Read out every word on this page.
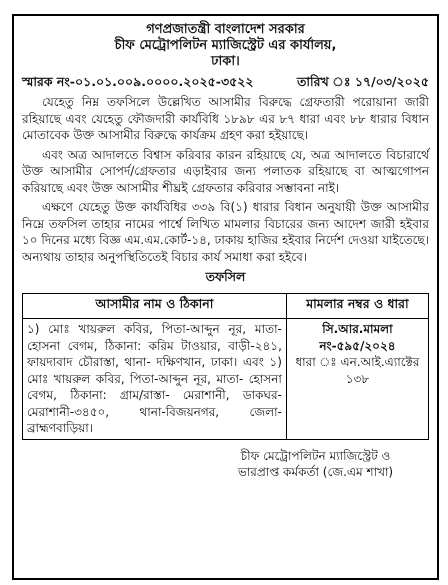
গণপ্রজাতন্ত্রী বাংলাদেশ সরকার
চীফ মেট্রোপলিটন ম্যাজিস্ট্রেট এর কার্যালয়,
ঢাকা।
স্মারক নং-০১.০১.০০৯.০০০০.২০২৫-৩৫২২	তারিখ ঃ ১৭/০৩/২০২৫

যেহেতু নিম্ন তফসিলে উল্লেখিত আসামীর বিরুদ্ধে গ্রেফতারী পরোয়ানা জারী রহিয়াছে এবং যেহেতু ফৌজদারী কার্যবিধি ১৮৯৮ এর ৮৭ ধারা এবং ৮৮ ধারার বিধান মোতাবেক উক্ত আসামীর বিরুদ্ধে কার্যক্রম গ্রহণ করা হইয়াছে।

এবং অত্র আদালতে বিশ্বাস করিবার কারন রহিয়াছে যে, অত্র আদালতে বিচারার্থে উক্ত আসামীর সোপর্দ/গ্রেফতার এড়াইবার জন্য পলাতক রহিয়াছে বা আত্মগোপন করিয়াছে এবং উক্ত আসামীর শীঘ্রই গ্রেফতার করিবার সম্ভাবনা নাই।

এক্ষণে যেহেতু উক্ত কার্যবিধির ৩৩৯ বি(১) ধারার বিধান অনুযায়ী উক্ত আসামীর নিম্নে তফসিল তাহার নামের পার্শ্বে লিখিত মামলার বিচারের জন্য আদেশ জারী হইবার ১০ দিনের মধ্যে বিজ্ঞ এম.এম.কোর্ট-১৪, ঢাকায় হাজির হইবার নির্দেশ দেওয়া যাইতেছে। অন্যথায় তাহার অনুপস্থিতিতেই বিচার কার্য সমাধা করা হইবে।

তফসিল
আসামীর নাম ও ঠিকানা	মামলার নম্বর ও ধারা
১) মোঃ খায়রুল কবির, পিতা-আব্দুন নূর, মাতা-হোসনা বেগম, ঠিকানা: করিম টাওয়ার, বাড়ী-২৪১, ফায়দাবাদ চৌরাস্তা, থানা- দক্ষিণখান, ঢাকা। এবং ১) মোঃ খায়রুল কবির, পিতা-আব্দুন নূর, মাতা- হোসনা বেগম, ঠিকানা: গ্রাম/রাস্তা- মেরাশানী, ডাকঘর- মেরাশানী-৩৪৫০, থানা-বিজয়নগর, জেলা-ব্রাহ্মণবাড়িয়া।	সি.আর.মামলা নং-৫৯৫/২০২৪
ধারা ঃ এন.আই.এ্যাক্টের ১৩৮
চীফ মেট্রোপলিটন ম্যাজিস্ট্রেট ও
ভারপ্রাপ্ত কর্মকর্তা (জে.এম শাখা)
